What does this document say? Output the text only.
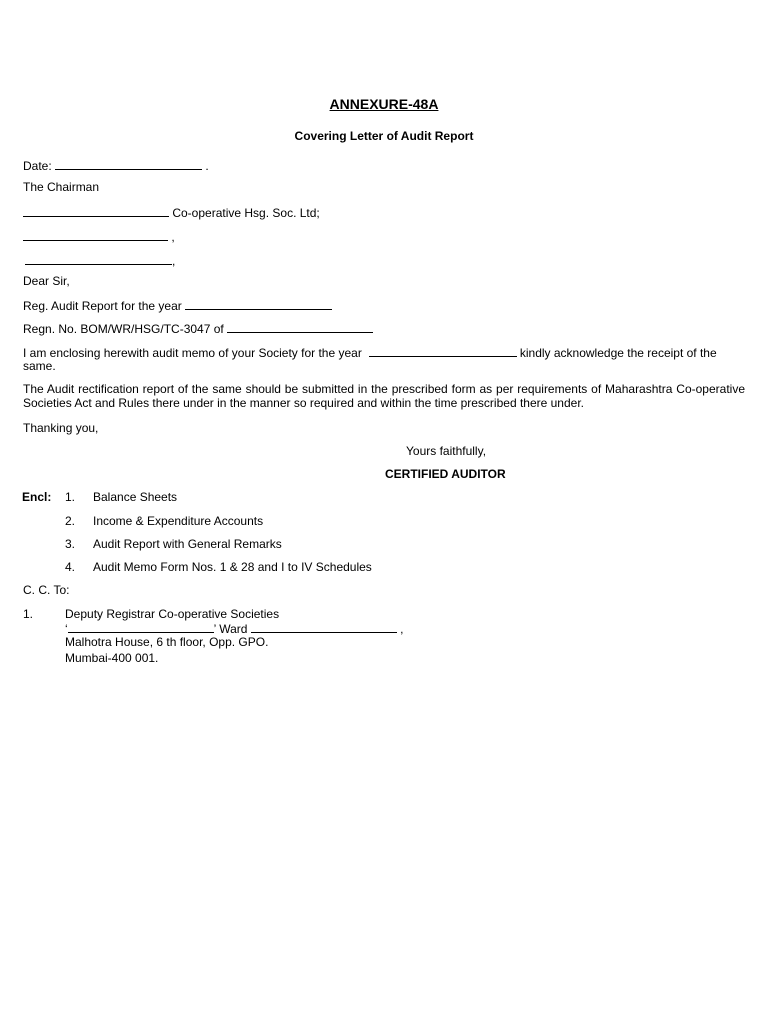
ANNEXURE-48A
Covering Letter of Audit Report
Date:	.
The Chairman
Co-operative Hsg. Soc. Ltd;
,
,
Dear Sir,
Reg. Audit Report for the year
Regn. No. BOM/WR/HSG/TC-3047 of
I am enclosing herewith audit memo of your Society for the year	kindly acknowledge the receipt of the
same.
The Audit rectification report of the same should be submitted in the prescribed form as per requirements of Maharashtra Co-operative Societies Act and Rules there under in the manner so required and within the time prescribed there under.
Thanking you,
Yours faithfully,
CERTIFIED AUDITOR
Encl: 1. Balance Sheets
2. Income & Expenditure Accounts
3. Audit Report with General Remarks
4. Audit Memo Form Nos. 1 & 28 and I to IV Schedules
C. C. To:
1.	Deputy Registrar Co-operative Societies
‘	’ Ward	,
Malhotra House, 6 th floor, Opp. GPO.
Mumbai-400 001.
